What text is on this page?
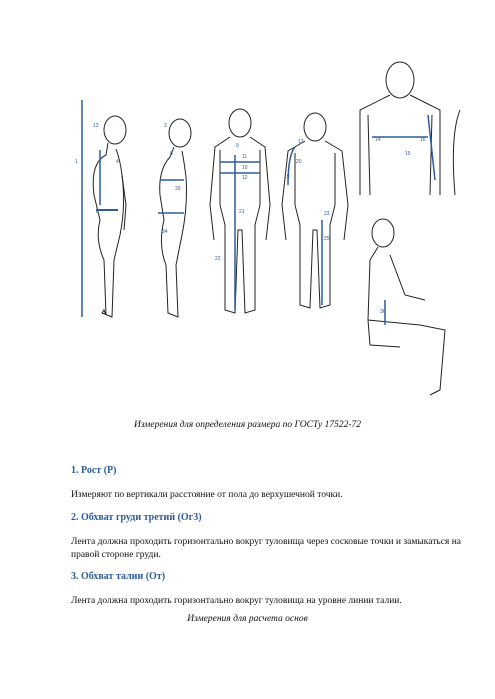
13
4
1
8
3
6
32
34
9
11
10
12
21
22
17
20
19
23
25
14
15
16
36
Измерения для определения размера по ГОСТу 17522-72
1. Рост (Р)
Измеряют по вертикали расстояние от пола до верхушечной точки.
2. Обхват груди третий (Ог3)
Лента должна проходить горизонтально вокруг туловища через сосковые точки и замыкаться на правой стороне груди.
3. Обхват талии (От)
Лента должна проходить горизонтально вокруг туловища на уровне линии талии.
Измерения для расчета основ
